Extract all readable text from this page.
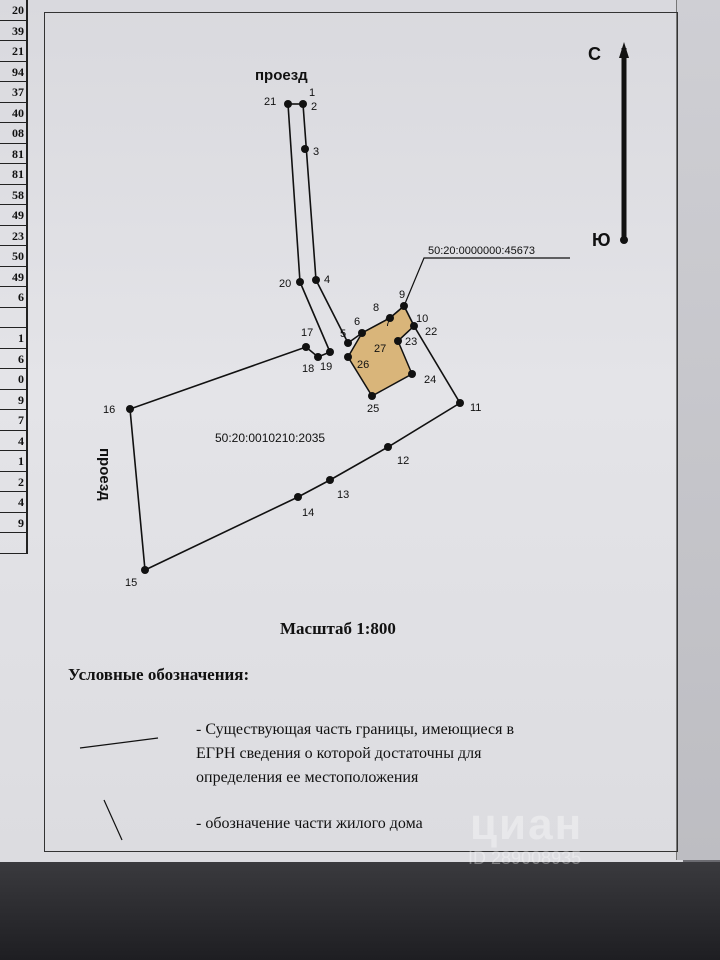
20
39
21
94
37
40
08
81
81
58
49
23
50
49
6
1
6
0
9
7
4
1
2
4
9
С
Ю
1
2
3
4
5
6 7
8
9
10
11
12
13
14
15
16
17
18 19
20
21
22
23
24
25
26
27
проезд
проезд
50:20:0010210:2035
50:20:0000000:45673
Масштаб 1:800
Условные обозначения:
- Существующая часть границы, имеющиеся в
ЕГРН сведения о которой достаточны для
определения ее местоположения
- обозначение части жилого дома циан
ID 289008935
